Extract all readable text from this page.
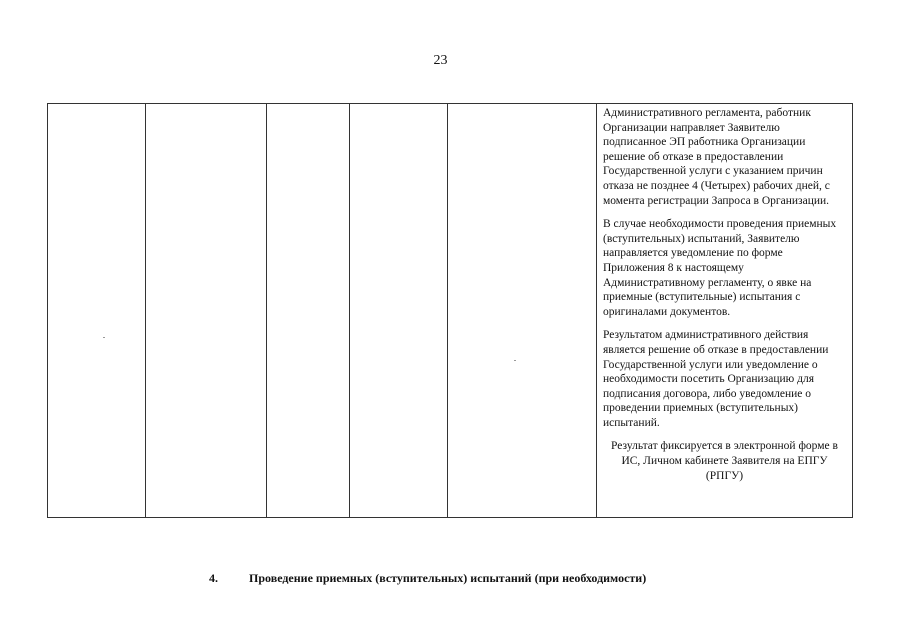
23

Административного регламента, работник Организации направляет Заявителю подписанное ЭП работника Организации решение об отказе в предоставлении Государственной услуги с указанием причин отказа не позднее 4 (Четырех) рабочих дней, с момента регистрации Запроса в Организации.

В случае необходимости проведения приемных (вступительных) испытаний, Заявителю направляется уведомление по форме Приложения 8 к настоящему Административному регламенту, о явке на приемные (вступительные) испытания с оригиналами документов.

Результатом административного действия является решение об отказе в предоставлении Государственной услуги или уведомление о необходимости посетить Организацию для подписания договора, либо уведомление о проведении приемных (вступительных) испытаний.

Результат фиксируется в электронной форме в ИС, Личном кабинете Заявителя на ЕПГУ (РПГУ)

4.	Проведение приемных (вступительных) испытаний (при необходимости)
